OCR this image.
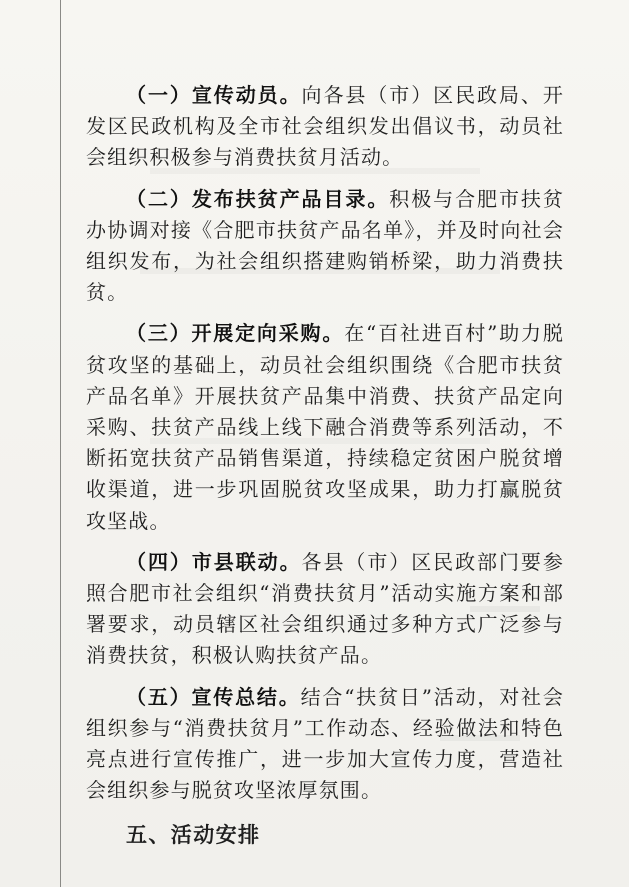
（一）宣传动员。向各县（市）区民政局、开发区民政机构及全市社会组织发出倡议书，动员社会组织积极参与消费扶贫月活动。

（二）发布扶贫产品目录。积极与合肥市扶贫办协调对接《合肥市扶贫产品名单》，并及时向社会组织发布，为社会组织搭建购销桥梁，助力消费扶贫。

（三）开展定向采购。在“百社进百村”助力脱贫攻坚的基础上，动员社会组织围绕《合肥市扶贫产品名单》开展扶贫产品集中消费、扶贫产品定向采购、扶贫产品线上线下融合消费等系列活动，不断拓宽扶贫产品销售渠道，持续稳定贫困户脱贫增收渠道，进一步巩固脱贫攻坚成果，助力打赢脱贫攻坚战。

（四）市县联动。各县（市）区民政部门要参照合肥市社会组织“消费扶贫月”活动实施方案和部署要求，动员辖区社会组织通过多种方式广泛参与消费扶贫，积极认购扶贫产品。

（五）宣传总结。结合“扶贫日”活动，对社会组织参与“消费扶贫月”工作动态、经验做法和特色亮点进行宣传推广，进一步加大宣传力度，营造社会组织参与脱贫攻坚浓厚氛围。

五、活动安排
